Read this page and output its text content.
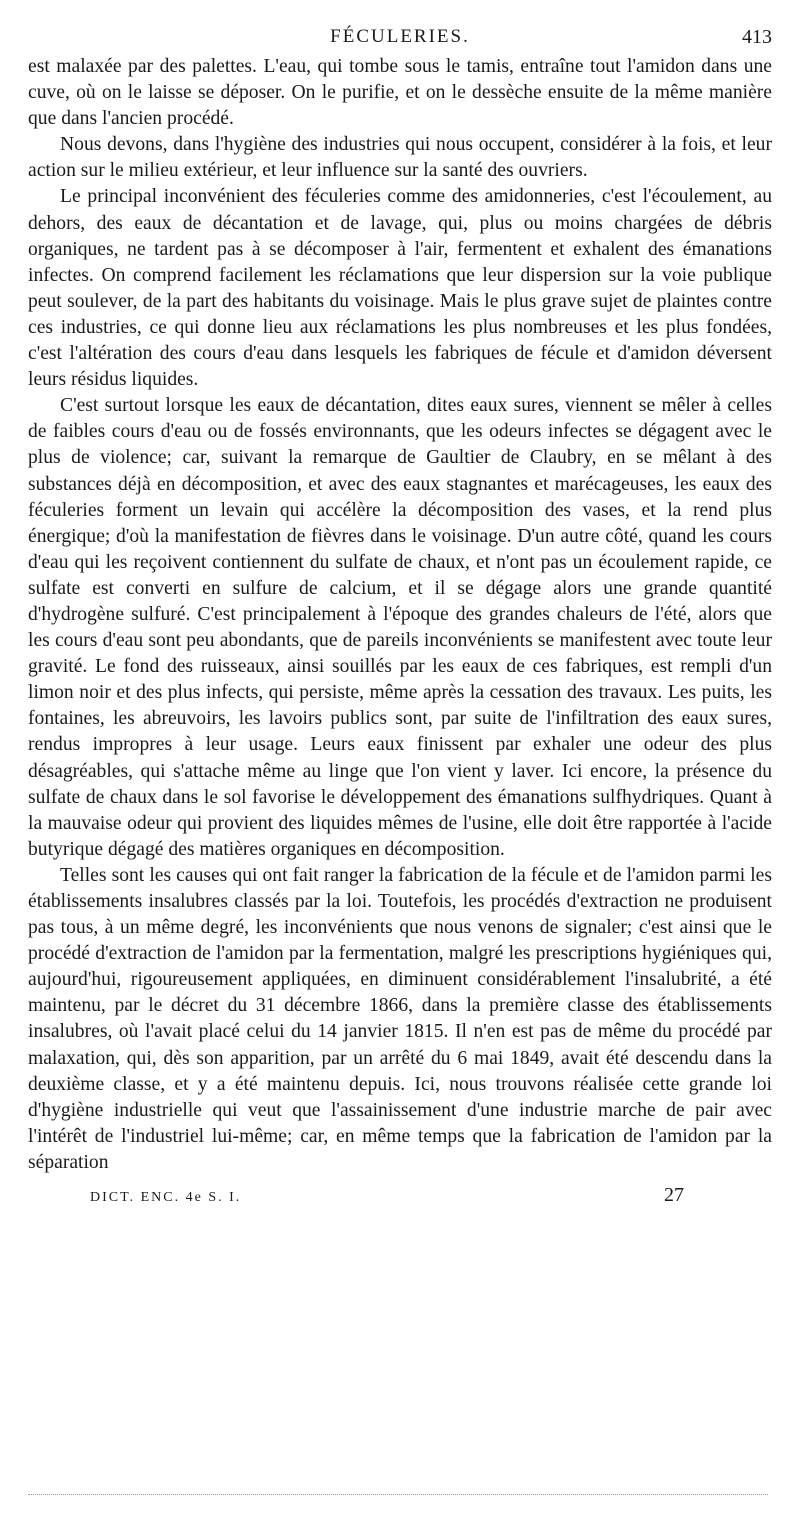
FÉCULERIES.	413

est malaxée par des palettes. L'eau, qui tombe sous le tamis, entraîne tout l'amidon dans une cuve, où on le laisse se déposer. On le purifie, et on le dessèche ensuite de la même manière que dans l'ancien procédé.

Nous devons, dans l'hygiène des industries qui nous occupent, considérer à la fois, et leur action sur le milieu extérieur, et leur influence sur la santé des ouvriers.

Le principal inconvénient des féculeries comme des amidonneries, c'est l'écoulement, au dehors, des eaux de décantation et de lavage, qui, plus ou moins chargées de débris organiques, ne tardent pas à se décomposer à l'air, fermentent et exhalent des émanations infectes. On comprend facilement les réclamations que leur dispersion sur la voie publique peut soulever, de la part des habitants du voisinage. Mais le plus grave sujet de plaintes contre ces industries, ce qui donne lieu aux réclamations les plus nombreuses et les plus fondées, c'est l'altération des cours d'eau dans lesquels les fabriques de fécule et d'amidon déversent leurs résidus liquides.

C'est surtout lorsque les eaux de décantation, dites eaux sures, viennent se mêler à celles de faibles cours d'eau ou de fossés environnants, que les odeurs infectes se dégagent avec le plus de violence; car, suivant la remarque de Gaultier de Claubry, en se mêlant à des substances déjà en décomposition, et avec des eaux stagnantes et marécageuses, les eaux des féculeries forment un levain qui accélère la décomposition des vases, et la rend plus énergique; d'où la manifestation de fièvres dans le voisinage. D'un autre côté, quand les cours d'eau qui les reçoivent contiennent du sulfate de chaux, et n'ont pas un écoulement rapide, ce sulfate est converti en sulfure de calcium, et il se dégage alors une grande quantité d'hydrogène sulfuré. C'est principalement à l'époque des grandes chaleurs de l'été, alors que les cours d'eau sont peu abondants, que de pareils inconvénients se manifestent avec toute leur gravité. Le fond des ruisseaux, ainsi souillés par les eaux de ces fabriques, est rempli d'un limon noir et des plus infects, qui persiste, même après la cessation des travaux. Les puits, les fontaines, les abreuvoirs, les lavoirs publics sont, par suite de l'infiltration des eaux sures, rendus impropres à leur usage. Leurs eaux finissent par exhaler une odeur des plus désagréables, qui s'attache même au linge que l'on vient y laver. Ici encore, la présence du sulfate de chaux dans le sol favorise le développement des émanations sulfhydriques. Quant à la mauvaise odeur qui provient des liquides mêmes de l'usine, elle doit être rapportée à l'acide butyrique dégagé des matières organiques en décomposition.

Telles sont les causes qui ont fait ranger la fabrication de la fécule et de l'amidon parmi les établissements insalubres classés par la loi. Toutefois, les procédés d'extraction ne produisent pas tous, à un même degré, les inconvénients que nous venons de signaler; c'est ainsi que le procédé d'extraction de l'amidon par la fermentation, malgré les prescriptions hygiéniques qui, aujourd'hui, rigoureusement appliquées, en diminuent considérablement l'insalubrité, a été maintenu, par le décret du 31 décembre 1866, dans la première classe des établissements insalubres, où l'avait placé celui du 14 janvier 1815. Il n'en est pas de même du procédé par malaxation, qui, dès son apparition, par un arrêté du 6 mai 1849, avait été descendu dans la deuxième classe, et y a été maintenu depuis. Ici, nous trouvons réalisée cette grande loi d'hygiène industrielle qui veut que l'assainissement d'une industrie marche de pair avec l'intérêt de l'industriel lui-même; car, en même temps que la fabrication de l'amidon par la séparation

DICT. ENC. 4e S. I.	27
